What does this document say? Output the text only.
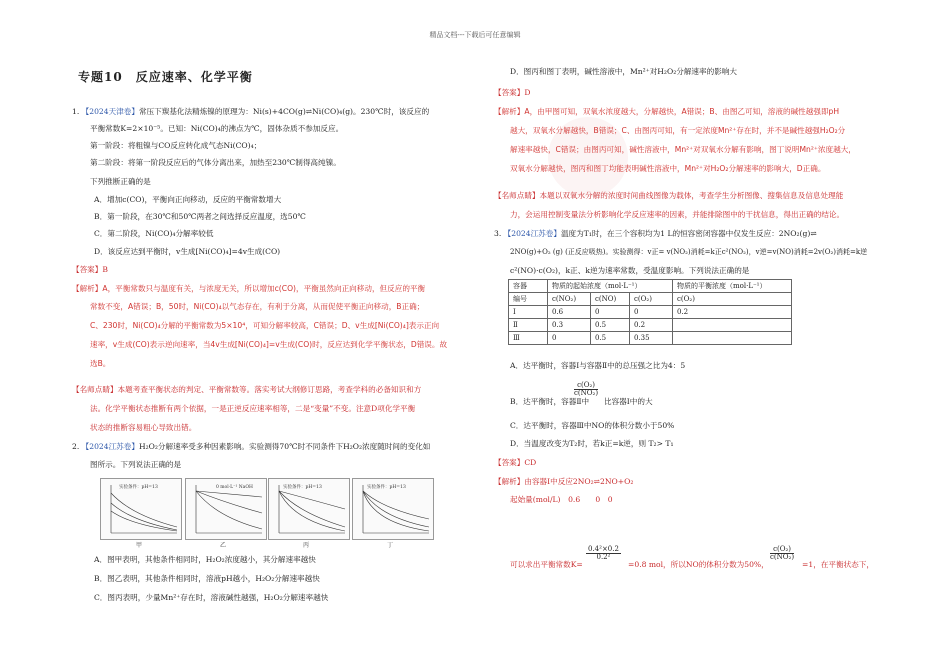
精品文档---下载后可任意编辑
专题10　反应速率、化学平衡
1. 【2024天津卷】常压下羰基化法精炼镍的原理为：Ni(s)+4CO(g)⇌Ni(CO)₄(g)。230℃时，该反应的
平衡常数K=2×10⁻⁵。已知：Ni(CO)₄的沸点为℃，固体杂质不参加反应。
第一阶段：将粗镍与CO反应转化成气态Ni(CO)₄；
第二阶段：将第一阶段反应后的气体分离出来，加热至230℃制得高纯镍。
下列推断正确的是
A．增加c(CO)，平衡向正向移动，反应的平衡常数增大
B．第一阶段，在30℃和50℃两者之间选择反应温度，选50℃
C．第二阶段，Ni(CO)₄分解率较低
D．该反应达到平衡时，v生成[Ni(CO)₄]=4v生成(CO)
【答案】B
【解析】A，平衡常数只与温度有关，与浓度无关，所以增加c(CO)，平衡虽然向正向移动，但反应的平衡
常数不变，A错误；B，50时，Ni(CO)₄以气态存在，有利于分离，从而促使平衡正向移动，B正确；
C、230时，Ni(CO)₄分解的平衡常数为5×10⁴，可知分解率较高，C错误；D、v生成[Ni(CO)₄]表示正向
速率，v生成(CO)表示逆向速率，当4v生成[Ni(CO)₄]=v生成(CO)时，反应达到化学平衡状态，D错误。故
选B。
【名师点睛】本题考查平衡状态的判定、平衡常数等。落实考试大纲修订思路，考查学科的必备知识和方
法。化学平衡状态推断有两个依据，一是正逆反应速率相等，二是“变量”不变。注意D项化学平衡
状态的推断容易粗心导致出错。
2. 【2024江苏卷】H₂O₂分解速率受多种因素影响。实验测得70℃时不同条件下H₂O₂浓度随时间的变化如
图所示。下列说法正确的是
实验条件：pH=13	0 mol·L⁻¹ NaOH	实验条件：pH=13	实验条件：pH=13
甲	乙	丙	丁
A．图甲表明，其他条件相同时，H₂O₂浓度越小，其分解速率越快
B．图乙表明，其他条件相同时，溶液pH越小，H₂O₂分解速率越快
C．图丙表明，少量Mn²⁺存在时，溶液碱性越强，H₂O₂分解速率越快
D．图丙和图丁表明，碱性溶液中，Mn²⁺对H₂O₂分解速率的影响大
【答案】D
【解析】A，由甲图可知，双氧水浓度越大，分解越快，A错误；B、由图乙可知，溶液的碱性越强即pH
越大，双氧水分解越快，B错误；C、由图丙可知，有一定浓度Mn²⁺存在时，并不是碱性越强H₂O₂分
解速率越快，C错误；由图丙可知，碱性溶液中，Mn²⁺对双氧水分解有影响，图丁说明Mn²⁺浓度越大，
双氧水分解越快，图丙和图丁均能表明碱性溶液中，Mn²⁺对H₂O₂分解速率的影响大，D正确。
【名师点睛】本题以双氧水分解的浓度时间曲线图像为载体，考查学生分析图像、搜集信息及信息处理能
力，会运用控制变量法分析影响化学反应速率的因素，并能排除图中的干扰信息，得出正确的结论。
3. 【2024江苏卷】温度为T₁时，在三个容积均为1 L的恒容密闭容器中仅发生反应：2NO₂(g)⇌
2NO(g)+O₂ (g) (正反应吸热)。实验测得：v正= v(NO₂)消耗=k正c²(NO₂)，v逆=v(NO)消耗=2v(O₂)消耗=k逆
c²(NO)·c(O₂)，k正、k逆为速率常数，受温度影响。下列说法正确的是
容器	物质的起始浓度（mol·L⁻¹）			物质的平衡浓度（mol·L⁻¹）
编号	c(NO₂)	c(NO)	c(O₂)	c(O₂)
Ⅰ	0.6	0	0	0.2
Ⅱ	0.3	0.5	0.2	
Ⅲ	0	0.5	0.35	
A．达平衡时，容器Ⅰ与容器Ⅱ中的总压强之比为4：5
B．达平衡时，容器Ⅱ中
$\frac{\text{c(O₂)}}{\text{c(NO₂)}}$
比容器Ⅰ中的大
C．达平衡时，容器Ⅲ中NO的体积分数小于50%
D．当温度改变为T₂时，若k正=k逆，则 T₂> T₁
【答案】CD
【解析】由容器Ⅰ中反应2NO₂⇌2NO+O₂
起始量(mol/L)　0.6　　0　0
可以求出平衡常数K=
$\frac{\text{0.4²×0.2}}{\text{0.2²}}$
=0.8 mol，所以NO的体积分数为50%，
$\frac{\text{c(O₂)}}{\text{c(NO₂)}}$
=1，在平衡状态下，
